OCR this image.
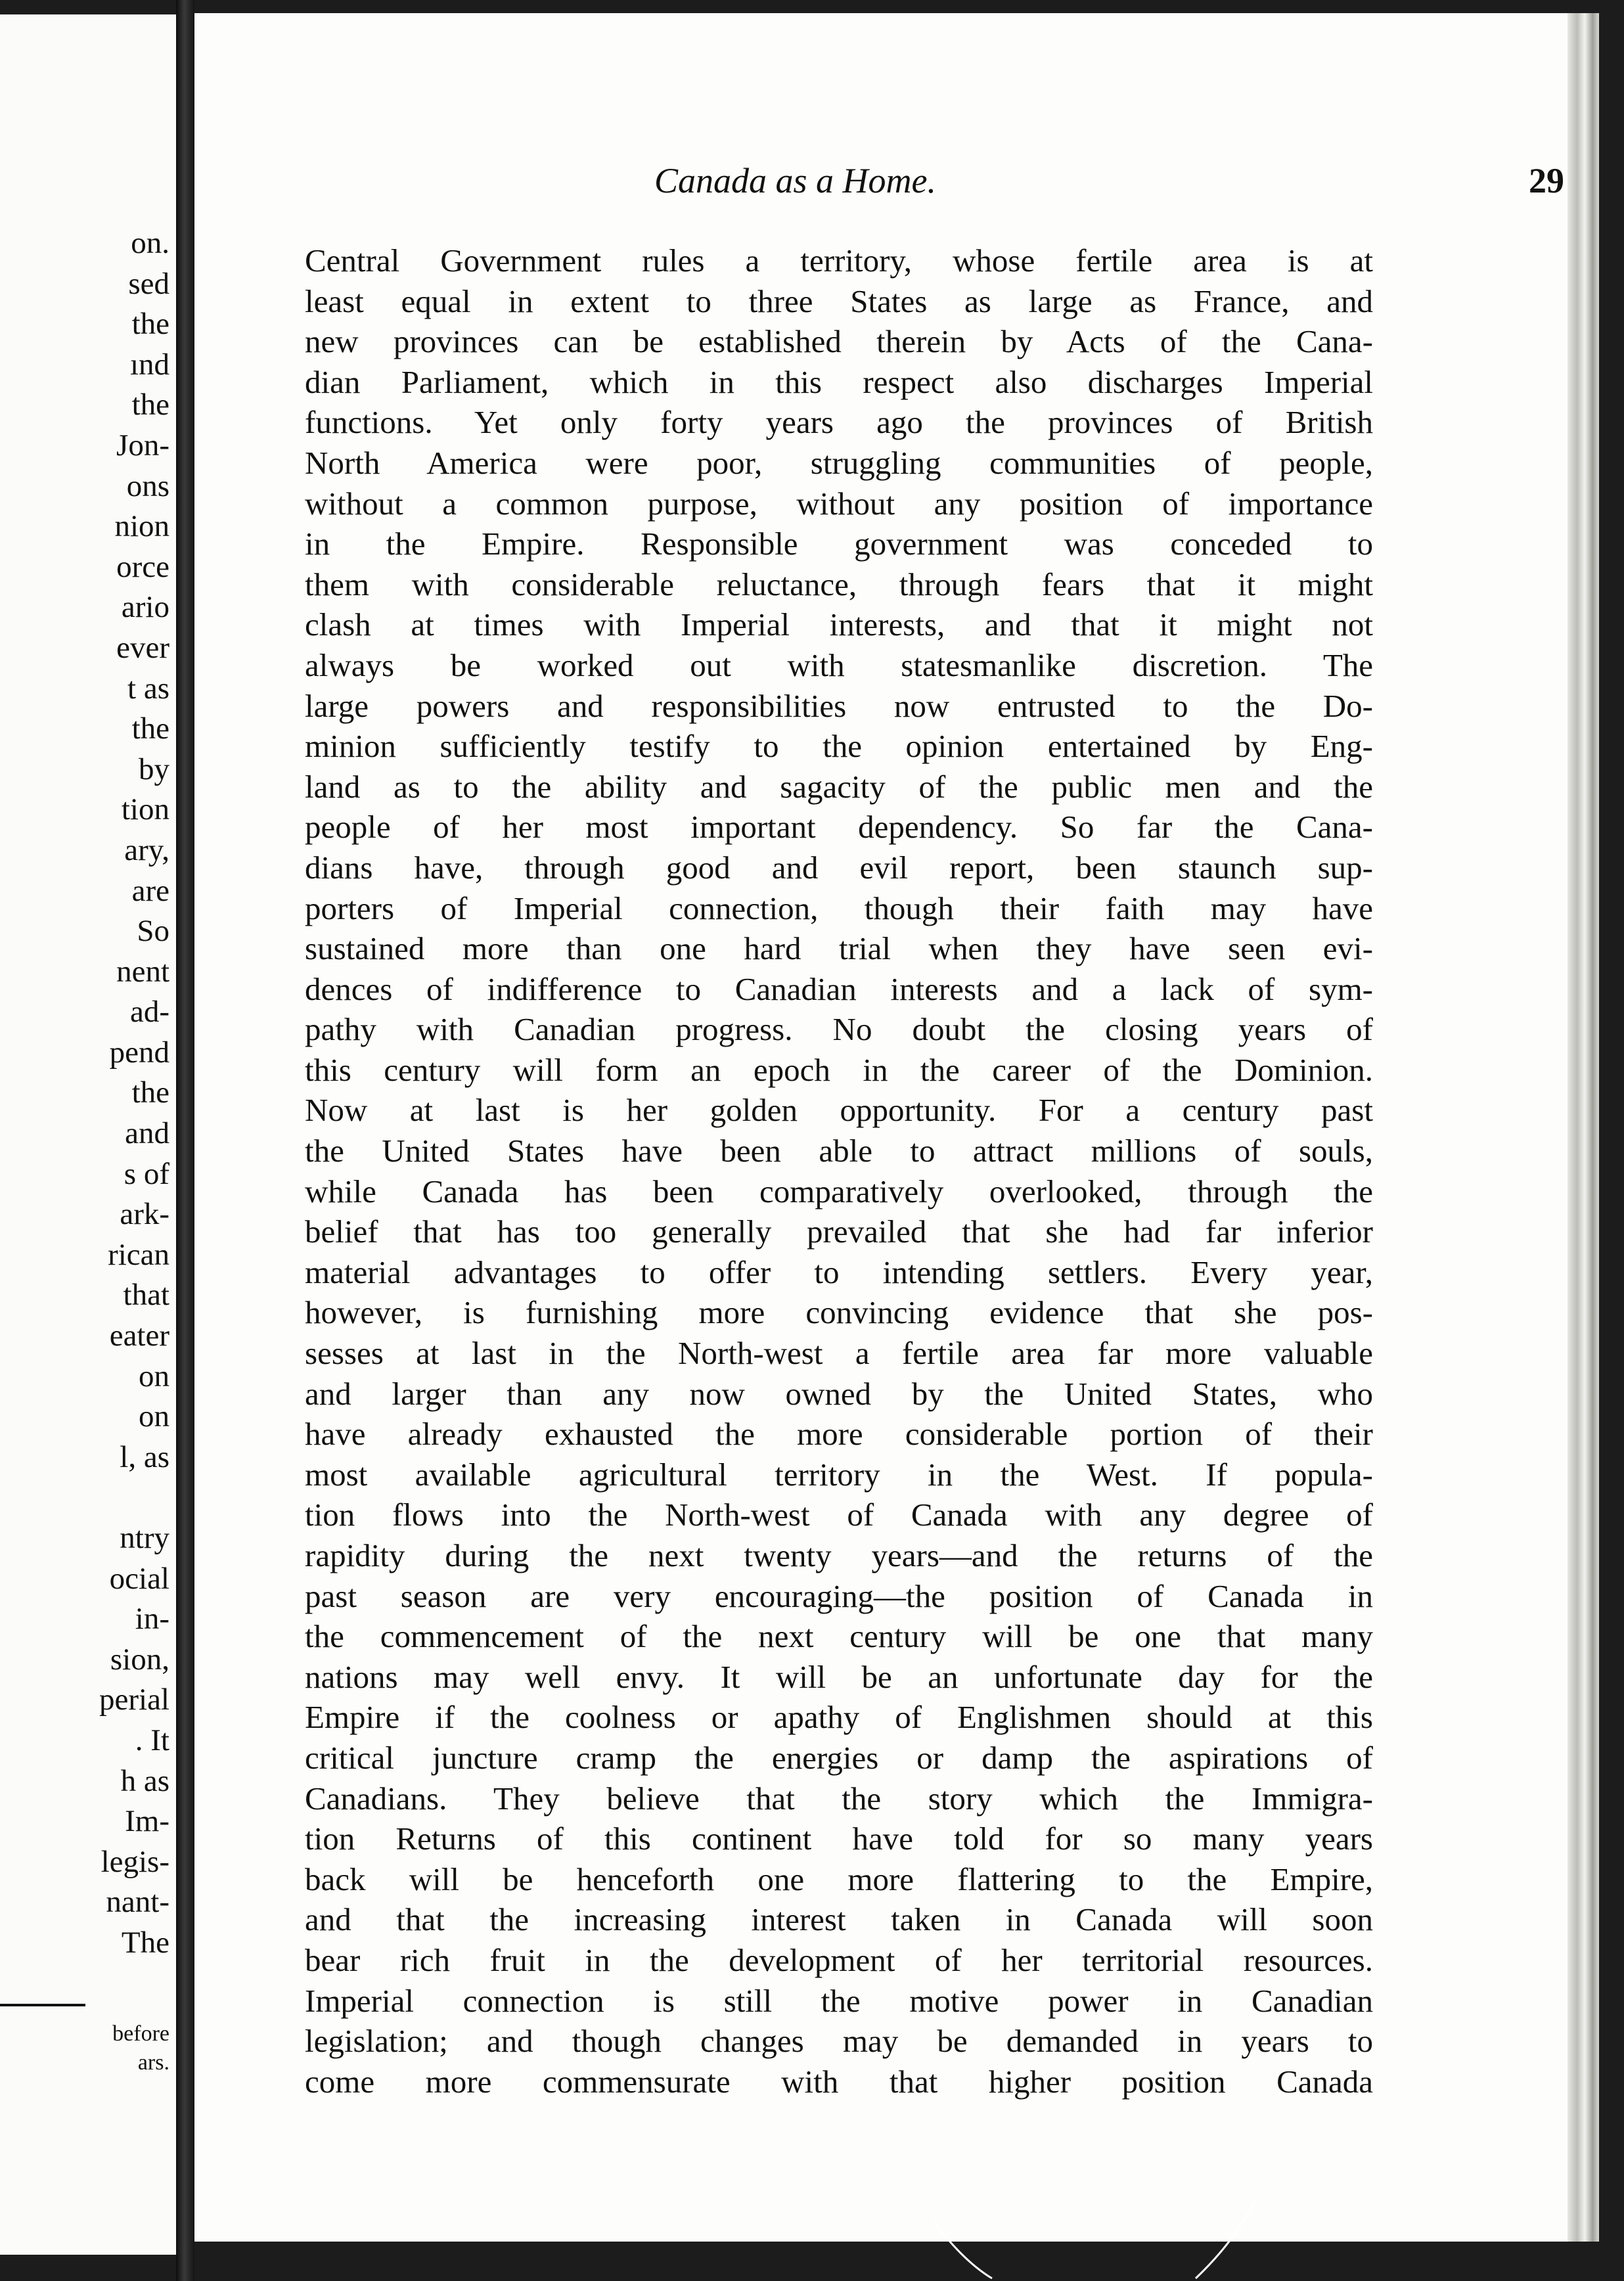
on.
sed
the
ınd
the
Jon-
ons
nion
orce
ario
ever
t as
the
by
tion
ary,
are
So
nent
ad-
pend
the
and
s of
ark-
rican
that
eater
on
on
l, as

ntry
ocial
in-
sion,
perial
. It
h as
Im-
legis-
nant-
The
before
ars.
Canada as a Home.	29
Central Government rules a territory, whose fertile area is at
least equal in extent to three States as large as France, and
new provinces can be established therein by Acts of the Cana-
dian Parliament, which in this respect also discharges Imperial
functions. Yet only forty years ago the provinces of British
North America were poor, struggling communities of people,
without a common purpose, without any position of importance
in the Empire. Responsible government was conceded to
them with considerable reluctance, through fears that it might
clash at times with Imperial interests, and that it might not
always be worked out with statesmanlike discretion. The
large powers and responsibilities now entrusted to the Do-
minion sufficiently testify to the opinion entertained by Eng-
land as to the ability and sagacity of the public men and the
people of her most important dependency. So far the Cana-
dians have, through good and evil report, been staunch sup-
porters of Imperial connection, though their faith may have
sustained more than one hard trial when they have seen evi-
dences of indifference to Canadian interests and a lack of sym-
pathy with Canadian progress. No doubt the closing years of
this century will form an epoch in the career of the Dominion.
Now at last is her golden opportunity. For a century past
the United States have been able to attract millions of souls,
while Canada has been comparatively overlooked, through the
belief that has too generally prevailed that she had far inferior
material advantages to offer to intending settlers. Every year,
however, is furnishing more convincing evidence that she pos-
sesses at last in the North-west a fertile area far more valuable
and larger than any now owned by the United States, who
have already exhausted the more considerable portion of their
most available agricultural territory in the West. If popula-
tion flows into the North-west of Canada with any degree of
rapidity during the next twenty years—and the returns of the
past season are very encouraging—the position of Canada in
the commencement of the next century will be one that many
nations may well envy. It will be an unfortunate day for the
Empire if the coolness or apathy of Englishmen should at this
critical juncture cramp the energies or damp the aspirations of
Canadians. They believe that the story which the Immigra-
tion Returns of this continent have told for so many years
back will be henceforth one more flattering to the Empire,
and that the increasing interest taken in Canada will soon
bear rich fruit in the development of her territorial resources.
Imperial connection is still the motive power in Canadian
legislation; and though changes may be demanded in years to
come more commensurate with that higher position Canada
